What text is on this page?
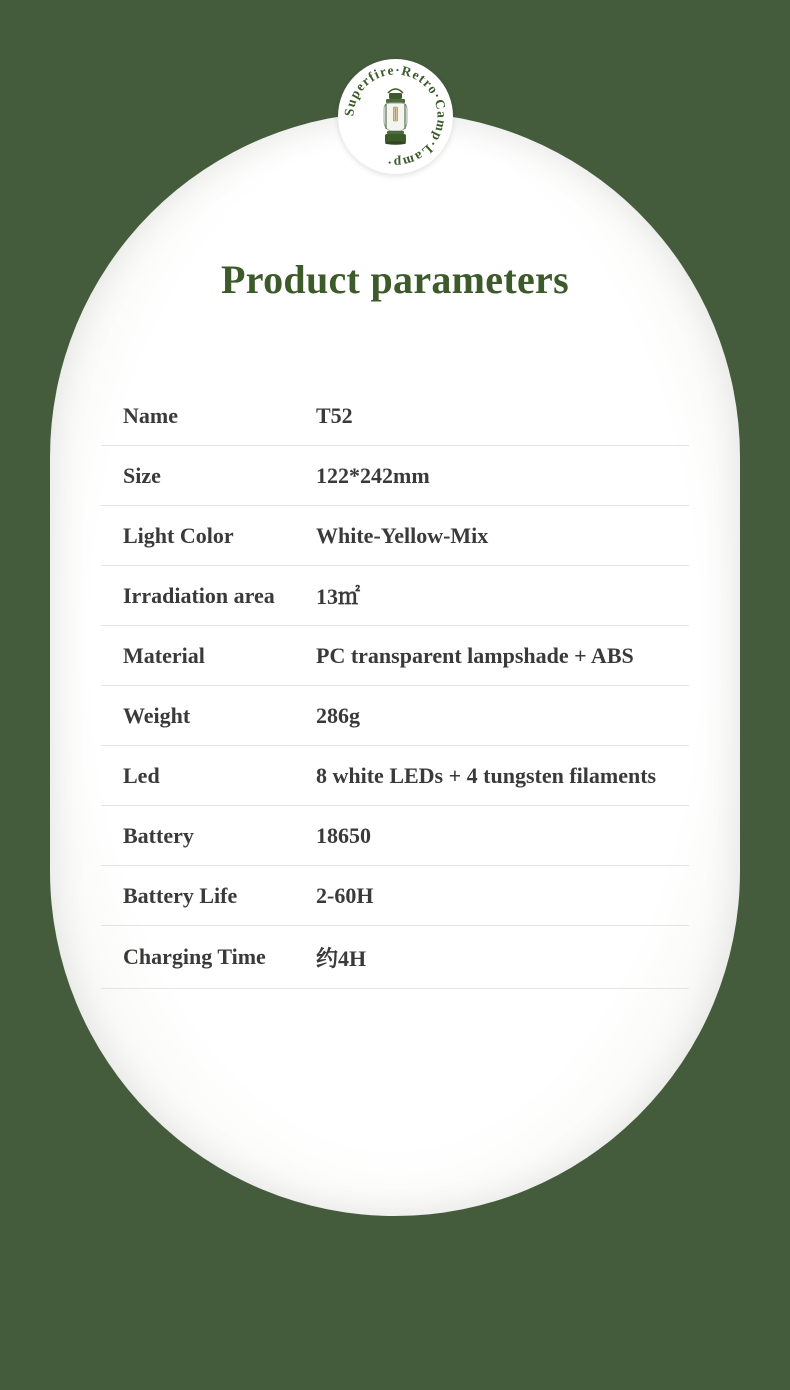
Superfire·Retro·Camp·Lamp·
Product parameters
Name	T52
Size	122*242mm
Light Color	White-Yellow-Mix
Irradiation area	13㎡
Material	PC transparent lampshade + ABS
Weight	286g
Led	8 white LEDs + 4 tungsten filaments
Battery	18650
Battery Life	2-60H
Charging Time	约4H
